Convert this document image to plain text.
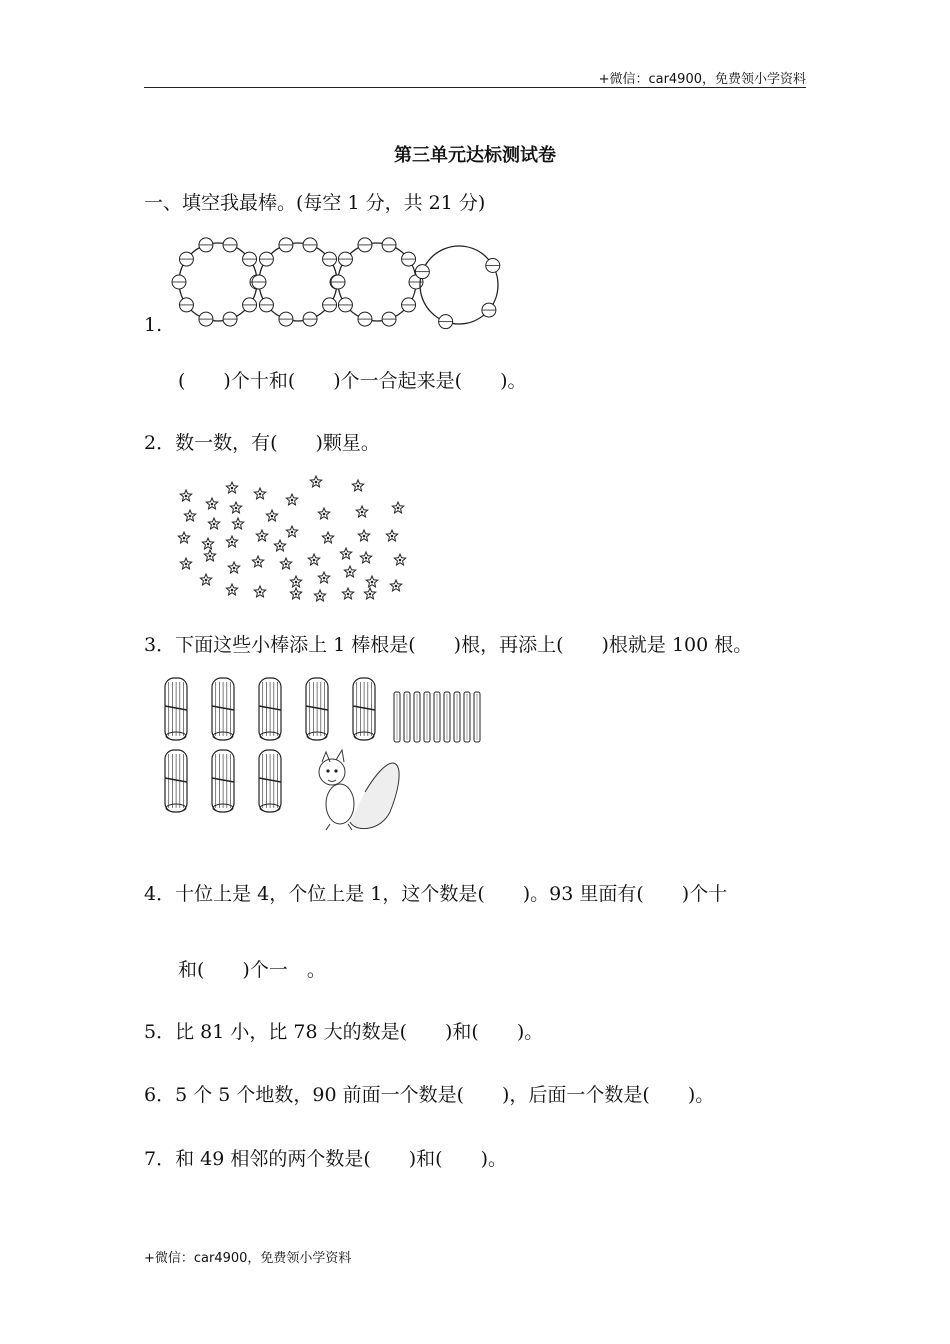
+微信：car4900，免费领小学资料
第三单元达标测试卷
一、填空我最棒。(每空 1 分，共 21 分)
1.
(　　)个十和(　　)个一合起来是(　　)。
2．数一数，有(　　)颗星。
3．下面这些小棒添上 1 棒根是(　　)根，再添上(　　)根就是 100 根。
4．十位上是 4，个位上是 1，这个数是(　　)。93 里面有(　　)个十
和(　　)个一　。
5．比 81 小，比 78 大的数是(　　)和(　　)。
6．5 个 5 个地数，90 前面一个数是(　　)，后面一个数是(　　)。
7．和 49 相邻的两个数是(　　)和(　　)。
+微信：car4900，免费领小学资料
